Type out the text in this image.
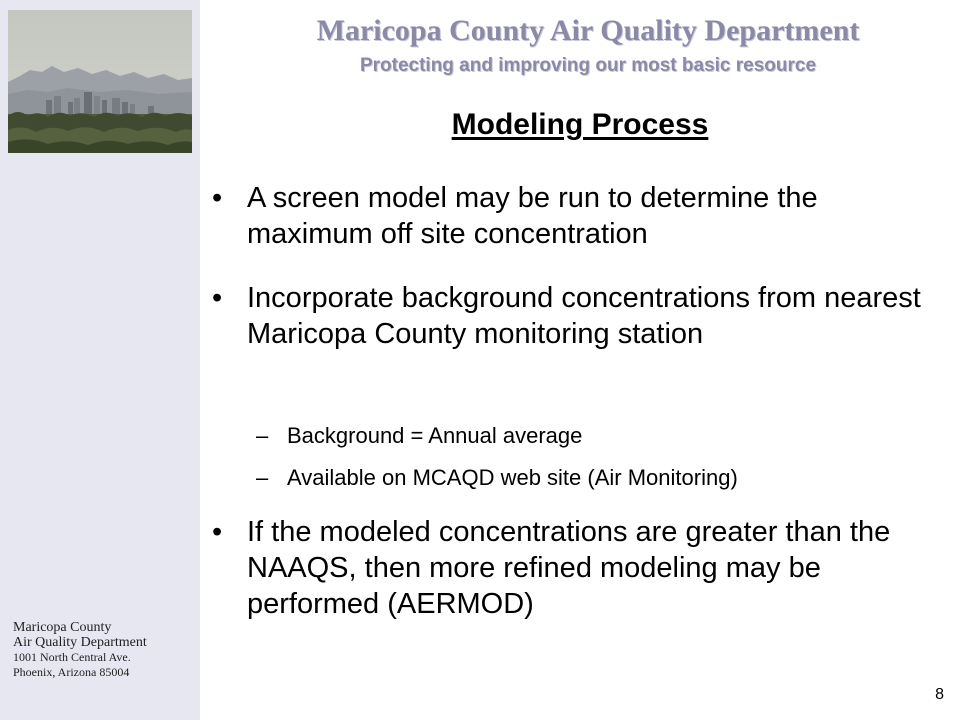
Maricopa County
Air Quality Department
1001 North Central Ave.
Phoenix, Arizona 85004
Maricopa County Air Quality Department
Protecting and improving our most basic resource
Modeling Process
• A screen model may be run to determine the maximum off site concentration
• Incorporate background concentrations from nearest Maricopa County monitoring station
– Background = Annual average
– Available on MCAQD web site (Air Monitoring)
• If the modeled concentrations are greater than the NAAQS, then more refined modeling may be performed (AERMOD)
8
